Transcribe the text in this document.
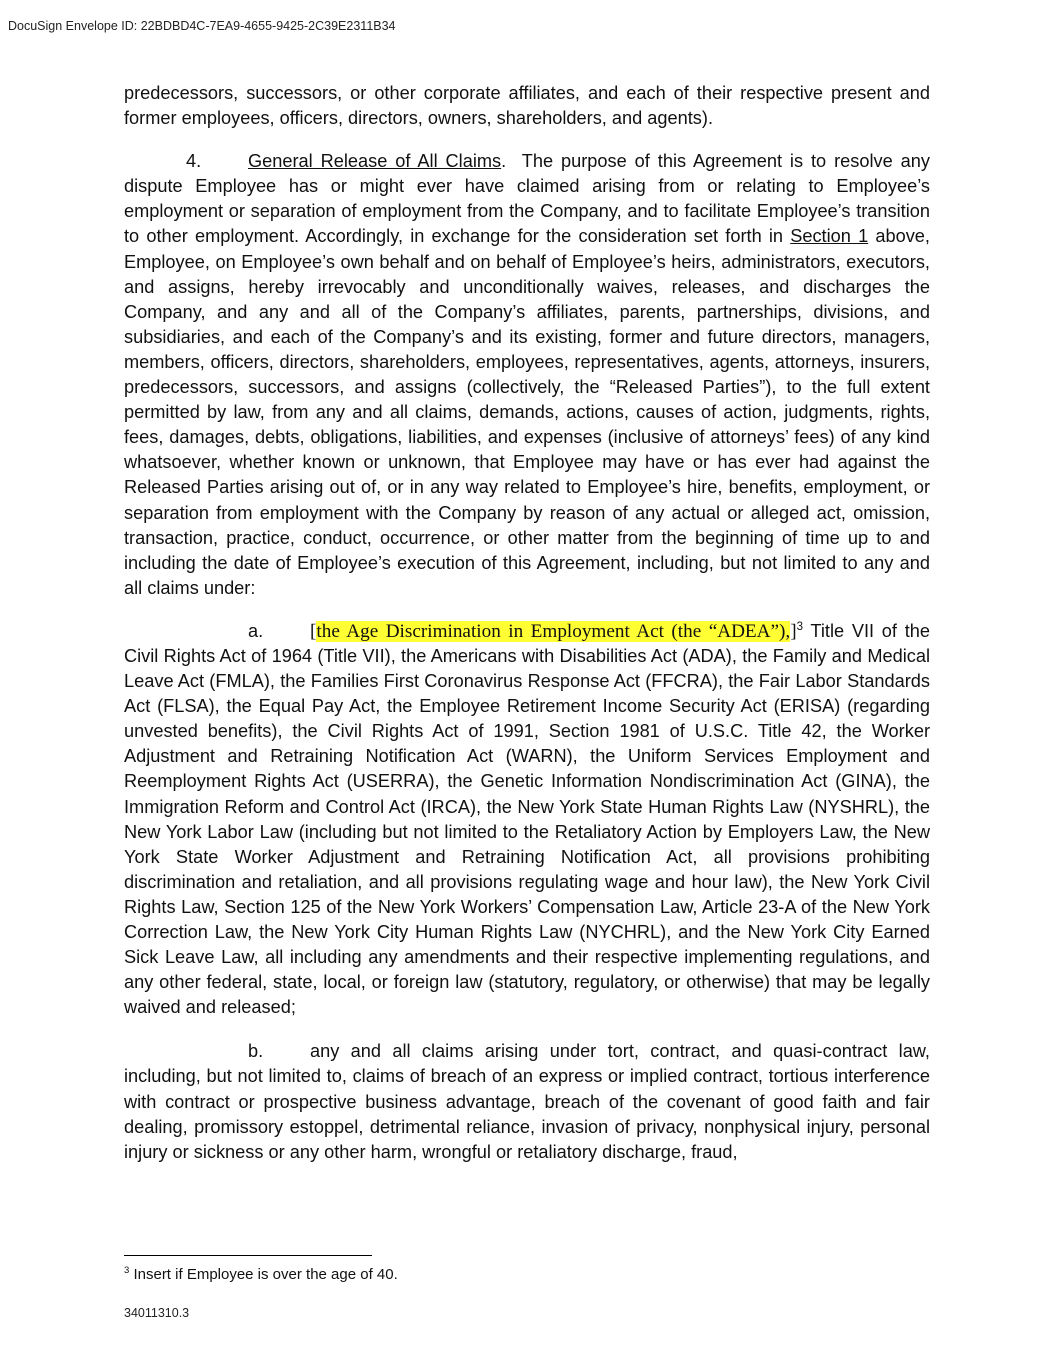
DocuSign Envelope ID: 22BDBD4C-7EA9-4655-9425-2C39E2311B34

predecessors, successors, or other corporate affiliates, and each of their respective present and former employees, officers, directors, owners, shareholders, and agents).

4.	General Release of All Claims. The purpose of this Agreement is to resolve any dispute Employee has or might ever have claimed arising from or relating to Employee’s employment or separation of employment from the Company, and to facilitate Employee’s transition to other employment. Accordingly, in exchange for the consideration set forth in Section 1 above, Employee, on Employee’s own behalf and on behalf of Employee’s heirs, administrators, executors, and assigns, hereby irrevocably and unconditionally waives, releases, and discharges the Company, and any and all of the Company’s affiliates, parents, partnerships, divisions, and subsidiaries, and each of the Company’s and its existing, former and future directors, managers, members, officers, directors, shareholders, employees, representatives, agents, attorneys, insurers, predecessors, successors, and assigns (collectively, the “Released Parties”), to the full extent permitted by law, from any and all claims, demands, actions, causes of action, judgments, rights, fees, damages, debts, obligations, liabilities, and expenses (inclusive of attorneys’ fees) of any kind whatsoever, whether known or unknown, that Employee may have or has ever had against the Released Parties arising out of, or in any way related to Employee’s hire, benefits, employment, or separation from employment with the Company by reason of any actual or alleged act, omission, transaction, practice, conduct, occurrence, or other matter from the beginning of time up to and including the date of Employee’s execution of this Agreement, including, but not limited to any and all claims under:

a. [the Age Discrimination in Employment Act (the “ADEA”),]$^3$ Title VII of the Civil Rights Act of 1964 (Title VII), the Americans with Disabilities Act (ADA), the Family and Medical Leave Act (FMLA), the Families First Coronavirus Response Act (FFCRA), the Fair Labor Standards Act (FLSA), the Equal Pay Act, the Employee Retirement Income Security Act (ERISA) (regarding unvested benefits), the Civil Rights Act of 1991, Section 1981 of U.S.C. Title 42, the Worker Adjustment and Retraining Notification Act (WARN), the Uniform Services Employment and Reemployment Rights Act (USERRA), the Genetic Information Nondiscrimination Act (GINA), the Immigration Reform and Control Act (IRCA), the New York State Human Rights Law (NYSHRL), the New York Labor Law (including but not limited to the Retaliatory Action by Employers Law, the New York State Worker Adjustment and Retraining Notification Act, all provisions prohibiting discrimination and retaliation, and all provisions regulating wage and hour law), the New York Civil Rights Law, Section 125 of the New York Workers’ Compensation Law, Article 23-A of the New York Correction Law, the New York City Human Rights Law (NYCHRL), and the New York City Earned Sick Leave Law, all including any amendments and their respective implementing regulations, and any other federal, state, local, or foreign law (statutory, regulatory, or otherwise) that may be legally waived and released;

b.	any and all claims arising under tort, contract, and quasi-contract law, including, but not limited to, claims of breach of an express or implied contract, tortious interference with contract or prospective business advantage, breach of the covenant of good faith and fair dealing, promissory estoppel, detrimental reliance, invasion of privacy, nonphysical injury, personal injury or sickness or any other harm, wrongful or retaliatory discharge, fraud,

$^3$ Insert if Employee is over the age of 40.
34011310.3
